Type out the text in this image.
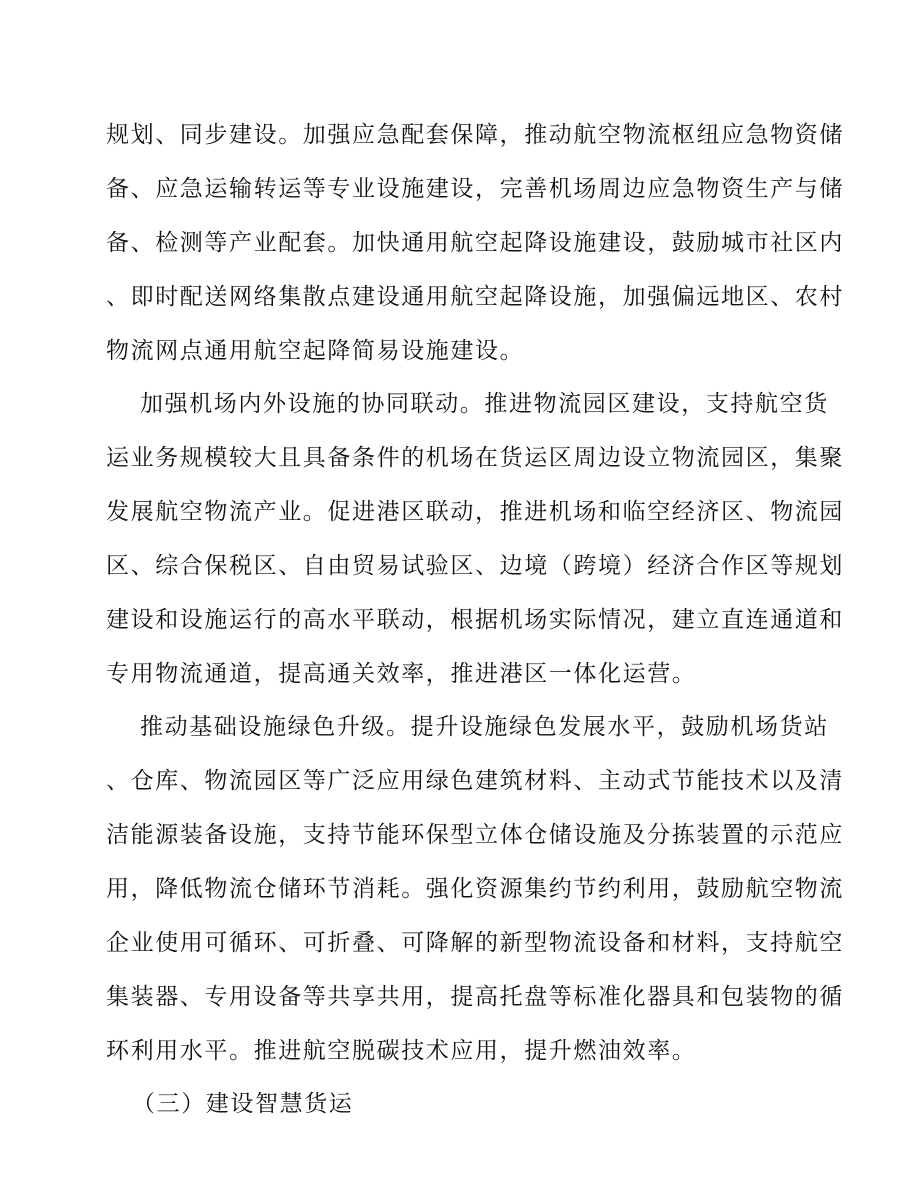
规划、同步建设。加强应急配套保障，推动航空物流枢纽应急物资储
备、应急运输转运等专业设施建设，完善机场周边应急物资生产与储
备、检测等产业配套。加快通用航空起降设施建设，鼓励城市社区内
、即时配送网络集散点建设通用航空起降设施，加强偏远地区、农村
物流网点通用航空起降简易设施建设。
加强机场内外设施的协同联动。推进物流园区建设，支持航空货
运业务规模较大且具备条件的机场在货运区周边设立物流园区，集聚
发展航空物流产业。促进港区联动，推进机场和临空经济区、物流园
区、综合保税区、自由贸易试验区、边境（跨境）经济合作区等规划
建设和设施运行的高水平联动，根据机场实际情况，建立直连通道和
专用物流通道，提高通关效率，推进港区一体化运营。
推动基础设施绿色升级。提升设施绿色发展水平，鼓励机场货站
、仓库、物流园区等广泛应用绿色建筑材料、主动式节能技术以及清
洁能源装备设施，支持节能环保型立体仓储设施及分拣装置的示范应
用，降低物流仓储环节消耗。强化资源集约节约利用，鼓励航空物流
企业使用可循环、可折叠、可降解的新型物流设备和材料，支持航空
集装器、专用设备等共享共用，提高托盘等标准化器具和包装物的循
环利用水平。推进航空脱碳技术应用，提升燃油效率。
（三）建设智慧货运
